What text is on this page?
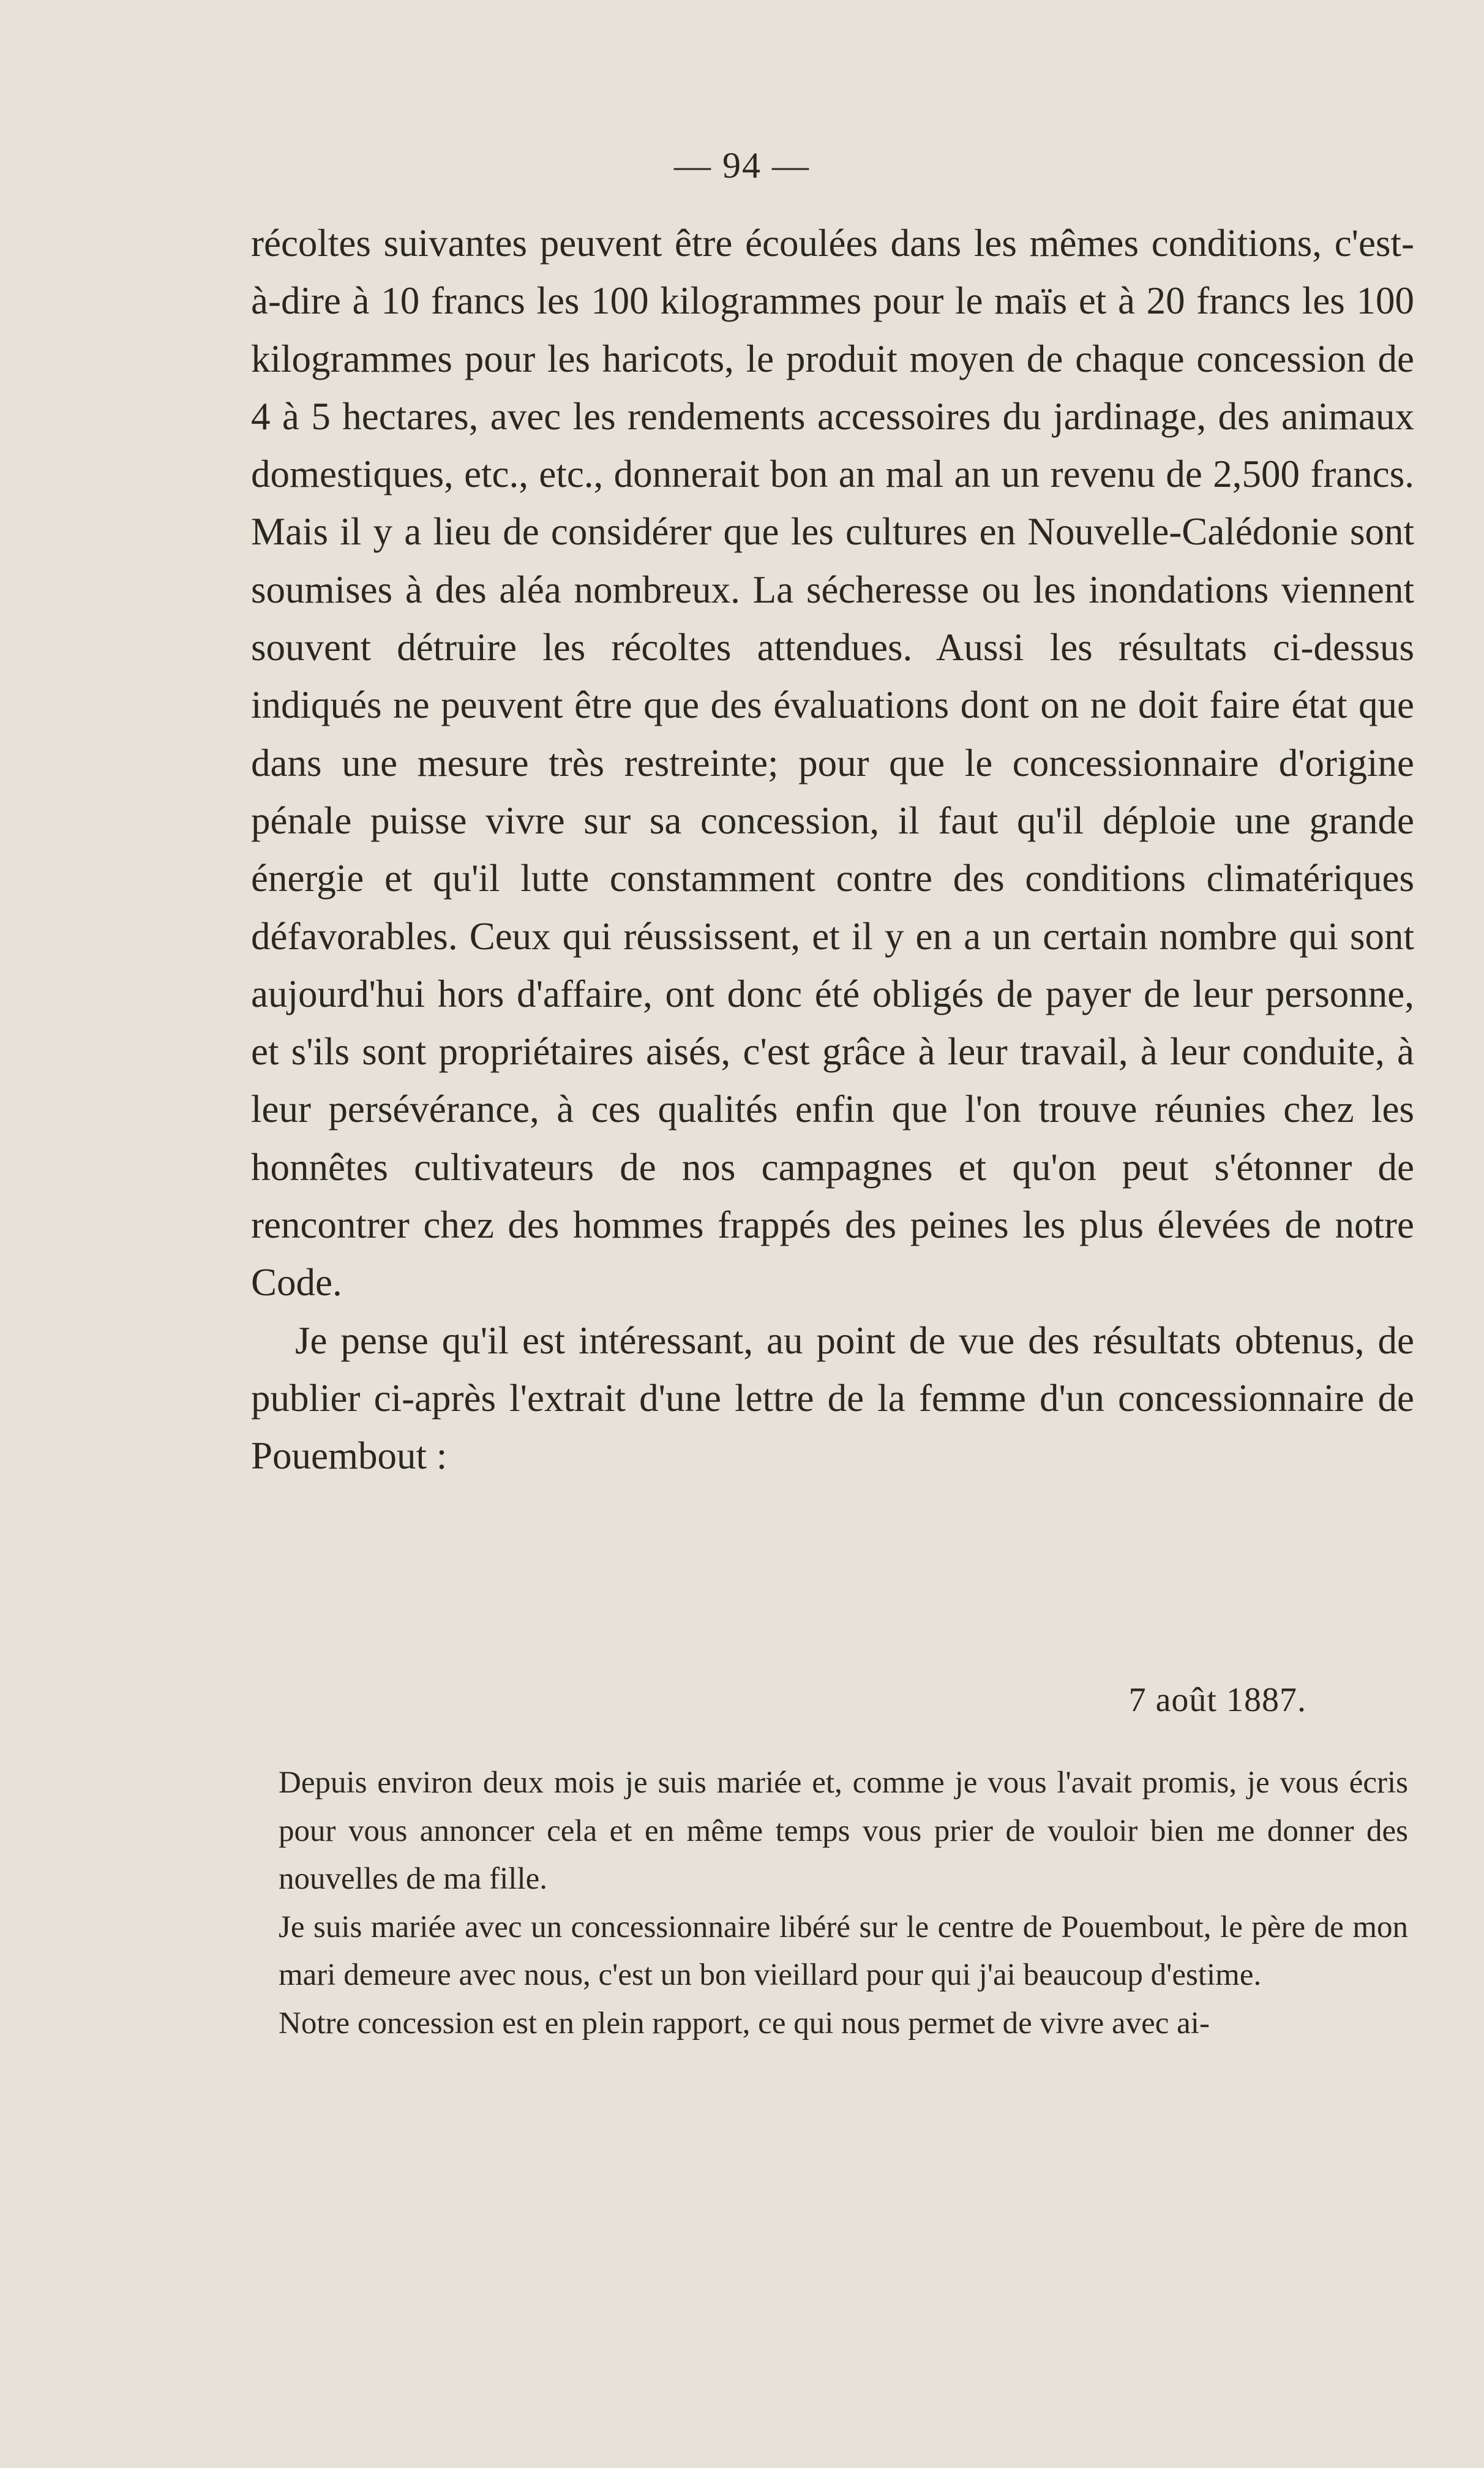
— 94 —

récoltes suivantes peuvent être écoulées dans les mêmes conditions, c'est-à-dire à 10 francs les 100 kilogrammes pour le maïs et à 20 francs les 100 kilogrammes pour les haricots, le produit moyen de chaque concession de 4 à 5 hectares, avec les rendements accessoires du jardinage, des animaux domestiques, etc., etc., donnerait bon an mal an un revenu de 2,500 francs. Mais il y a lieu de considérer que les cultures en Nouvelle-Calédonie sont soumises à des aléa nombreux. La sécheresse ou les inondations viennent souvent détruire les récoltes attendues. Aussi les résultats ci-dessus indiqués ne peuvent être que des évaluations dont on ne doit faire état que dans une mesure très restreinte; pour que le concessionnaire d'origine pénale puisse vivre sur sa concession, il faut qu'il déploie une grande énergie et qu'il lutte constamment contre des conditions climatériques défavorables. Ceux qui réussissent, et il y en a un certain nombre qui sont aujourd'hui hors d'affaire, ont donc été obligés de payer de leur personne, et s'ils sont propriétaires aisés, c'est grâce à leur travail, à leur conduite, à leur persévérance, à ces qualités enfin que l'on trouve réunies chez les honnêtes cultivateurs de nos campagnes et qu'on peut s'étonner de rencontrer chez des hommes frappés des peines les plus élevées de notre Code.

Je pense qu'il est intéressant, au point de vue des résultats obtenus, de publier ci-après l'extrait d'une lettre de la femme d'un concessionnaire de Pouembout :

7 août 1887.

Depuis environ deux mois je suis mariée et, comme je vous l'avait promis, je vous écris pour vous annoncer cela et en même temps vous prier de vouloir bien me donner des nouvelles de ma fille.

Je suis mariée avec un concessionnaire libéré sur le centre de Pouembout, le père de mon mari demeure avec nous, c'est un bon vieillard pour qui j'ai beaucoup d'estime.

Notre concession est en plein rapport, ce qui nous permet de vivre avec ai-
